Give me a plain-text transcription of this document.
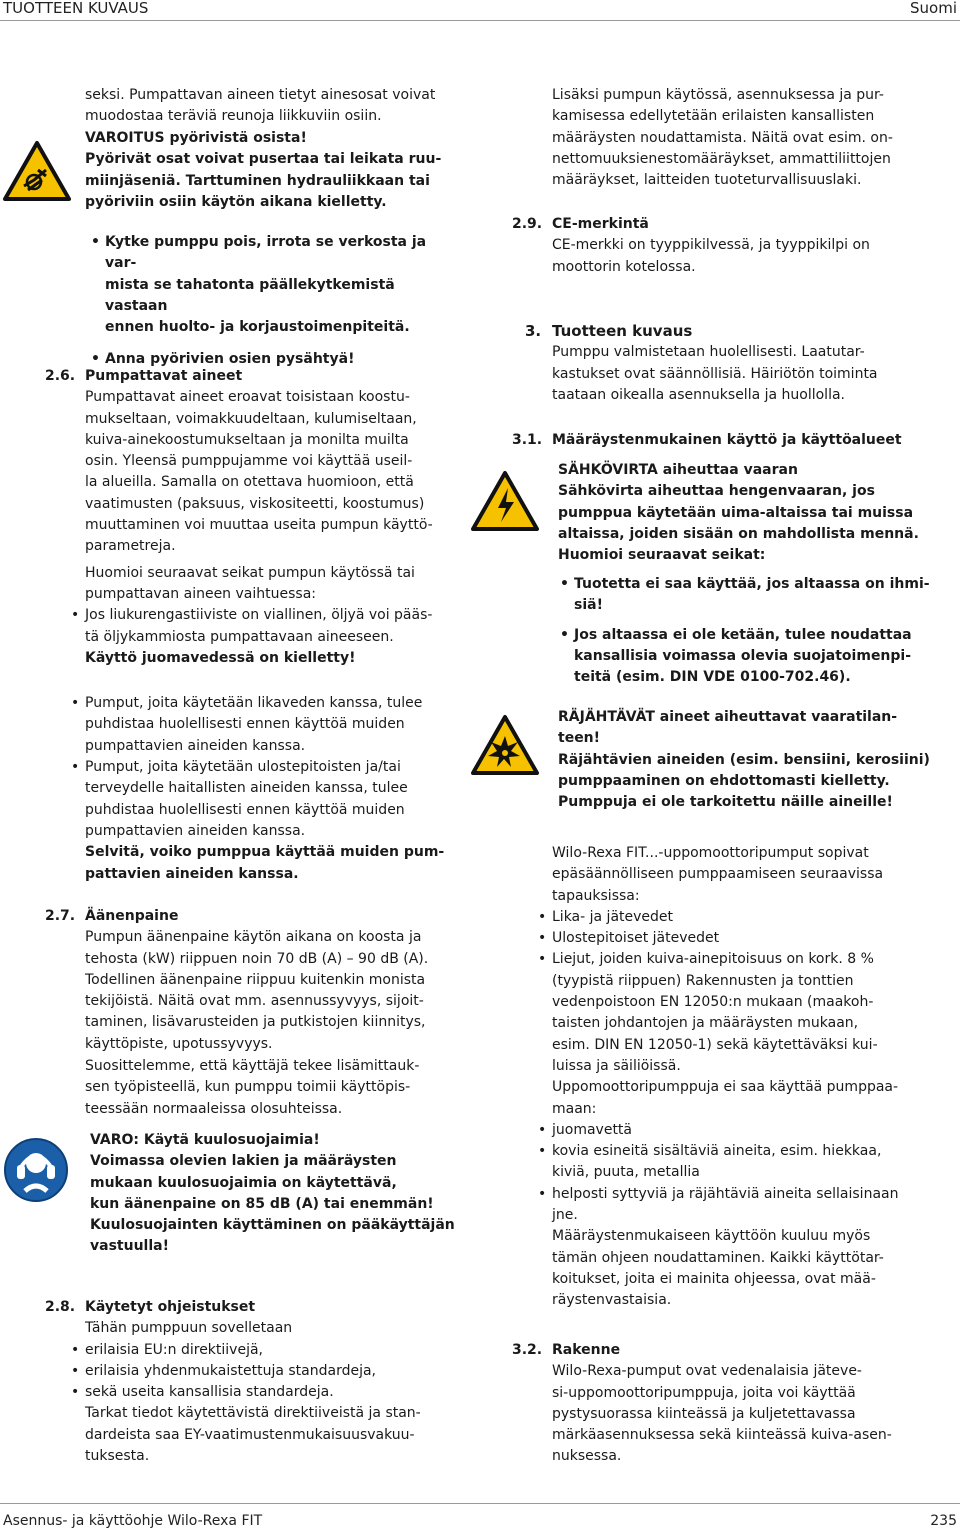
TUOTTEEN KUVAUS	Suomi

seksi. Pumpattavan aineen tietyt ainesosat voivat

muodostaa teräviä reunoja liikkuviin osiin.

VAROITUS pyörivistä osista!

Pyörivät osat voivat pusertaa tai leikata ruu-

miinjäseniä. Tarttuminen hydrauliikkaan tai

pyöriviin osiin käytön aikana kielletty.

• Kytke pumppu pois, irrota se verkosta ja var-

mista se tahatonta päällekytkemistä vastaan

ennen huolto- ja korjaustoimenpiteitä.

• Anna pyörivien osien pysähtyä!

2.6. Pumpattavat aineet

Pumpattavat aineet eroavat toisistaan koostu-

mukseltaan, voimakkuudeltaan, kulumiseltaan,

kuiva-ainekoostumukseltaan ja monilta muilta

osin. Yleensä pumppujamme voi käyttää useil-

la alueilla. Samalla on otettava huomioon, että

vaatimusten (paksuus, viskositeetti, koostumus)

muuttaminen voi muuttaa useita pumpun käyttö-

parametreja.

Huomioi seuraavat seikat pumpun käytössä tai

pumpattavan aineen vaihtuessa:

• Jos liukurengastiiviste on viallinen, öljyä voi pääs-

tä öljykammiosta pumpattavaan aineeseen.

Käyttö juomavedessä on kielletty!

• Pumput, joita käytetään likaveden kanssa, tulee

puhdistaa huolellisesti ennen käyttöä muiden

pumpattavien aineiden kanssa.

• Pumput, joita käytetään ulostepitoisten ja/tai

terveydelle haitallisten aineiden kanssa, tulee

puhdistaa huolellisesti ennen käyttöä muiden

pumpattavien aineiden kanssa.

Selvitä, voiko pumppua käyttää muiden pum-

pattavien aineiden kanssa.

2.7. Äänenpaine

Pumpun äänenpaine käytön aikana on koosta ja

tehosta (kW) riippuen noin 70 dB (A) – 90 dB (A).

Todellinen äänenpaine riippuu kuitenkin monista

tekijöistä. Näitä ovat mm. asennussyvyys, sijoit-

taminen, lisävarusteiden ja putkistojen kiinnitys,

käyttöpiste, upotussyvyys.

Suosittelemme, että käyttäjä tekee lisämittauk-

sen työpisteellä, kun pumppu toimii käyttöpis-

teessään normaaleissa olosuhteissa.

VARO: Käytä kuulosuojaimia!

Voimassa olevien lakien ja määräysten

mukaan kuulosuojaimia on käytettävä,

kun äänenpaine on 85 dB (A) tai enemmän!

Kuulosuojainten käyttäminen on pääkäyttäjän

vastuulla!

2.8. Käytetyt ohjeistukset

Tähän pumppuun sovelletaan

• erilaisia EU:n direktiivejä,

• erilaisia yhdenmukaistettuja standardeja,

• sekä useita kansallisia standardeja.

Tarkat tiedot käytettävistä direktiiveistä ja stan-

dardeista saa EY-vaatimustenmukaisuusvakuu-

tuksesta.

Lisäksi pumpun käytössä, asennuksessa ja pur-

kamisessa edellytetään erilaisten kansallisten

määräysten noudattamista. Näitä ovat esim. on-

nettomuuksienestomääräykset, ammattiliittojen

määräykset, laitteiden tuoteturvallisuuslaki.

2.9. CE-merkintä

CE-merkki on tyyppikilvessä, ja tyyppikilpi on

moottorin kotelossa.

3. Tuotteen kuvaus

Pumppu valmistetaan huolellisesti. Laatutar-

kastukset ovat säännöllisiä. Häiriötön toiminta

taataan oikealla asennuksella ja huollolla.

3.1. Määräystenmukainen käyttö ja käyttöalueet

SÄHKÖVIRTA aiheuttaa vaaran

Sähkövirta aiheuttaa hengenvaaran, jos

pumppua käytetään uima-altaissa tai muissa

altaissa, joiden sisään on mahdollista mennä.

Huomioi seuraavat seikat:

• Tuotetta ei saa käyttää, jos altaassa on ihmi-

siä!

• Jos altaassa ei ole ketään, tulee noudattaa

kansallisia voimassa olevia suojatoimenpi-

teitä (esim. DIN VDE 0100-702.46).

RÄJÄHTÄVÄT aineet aiheuttavat vaaratilan-

teen!

Räjähtävien aineiden (esim. bensiini, kerosiini)

pumppaaminen on ehdottomasti kielletty.

Pumppuja ei ole tarkoitettu näille aineille!

Wilo-Rexa FIT...-uppomoottoripumput sopivat

epäsäännölliseen pumppaamiseen seuraavissa

tapauksissa:

• Lika- ja jätevedet

• Ulostepitoiset jätevedet

• Liejut, joiden kuiva-ainepitoisuus on kork. 8 %

(tyypistä riippuen) Rakennusten ja tonttien

vedenpoistoon EN 12050:n mukaan (maakoh-

taisten johdantojen ja määräysten mukaan,

esim. DIN EN 12050-1) sekä käytettäväksi kui-

luissa ja säiliöissä.

Uppomoottoripumppuja ei saa käyttää pumppaa-

maan:

• juomavettä

• kovia esineitä sisältäviä aineita, esim. hiekkaa,

kiviä, puuta, metallia

• helposti syttyviä ja räjähtäviä aineita sellaisinaan

jne.

Määräystenmukaiseen käyttöön kuuluu myös

tämän ohjeen noudattaminen. Kaikki käyttötar-

koitukset, joita ei mainita ohjeessa, ovat mää-

räystenvastaisia.

3.2. Rakenne

Wilo-Rexa-pumput ovat vedenalaisia jäteve-

si-uppomoottoripumppuja, joita voi käyttää

pystysuorassa kiinteässä ja kuljetettavassa

märkäasennuksessa sekä kiinteässä kuiva-asen-

nuksessa.

Asennus- ja käyttöohje Wilo-Rexa FIT	235
